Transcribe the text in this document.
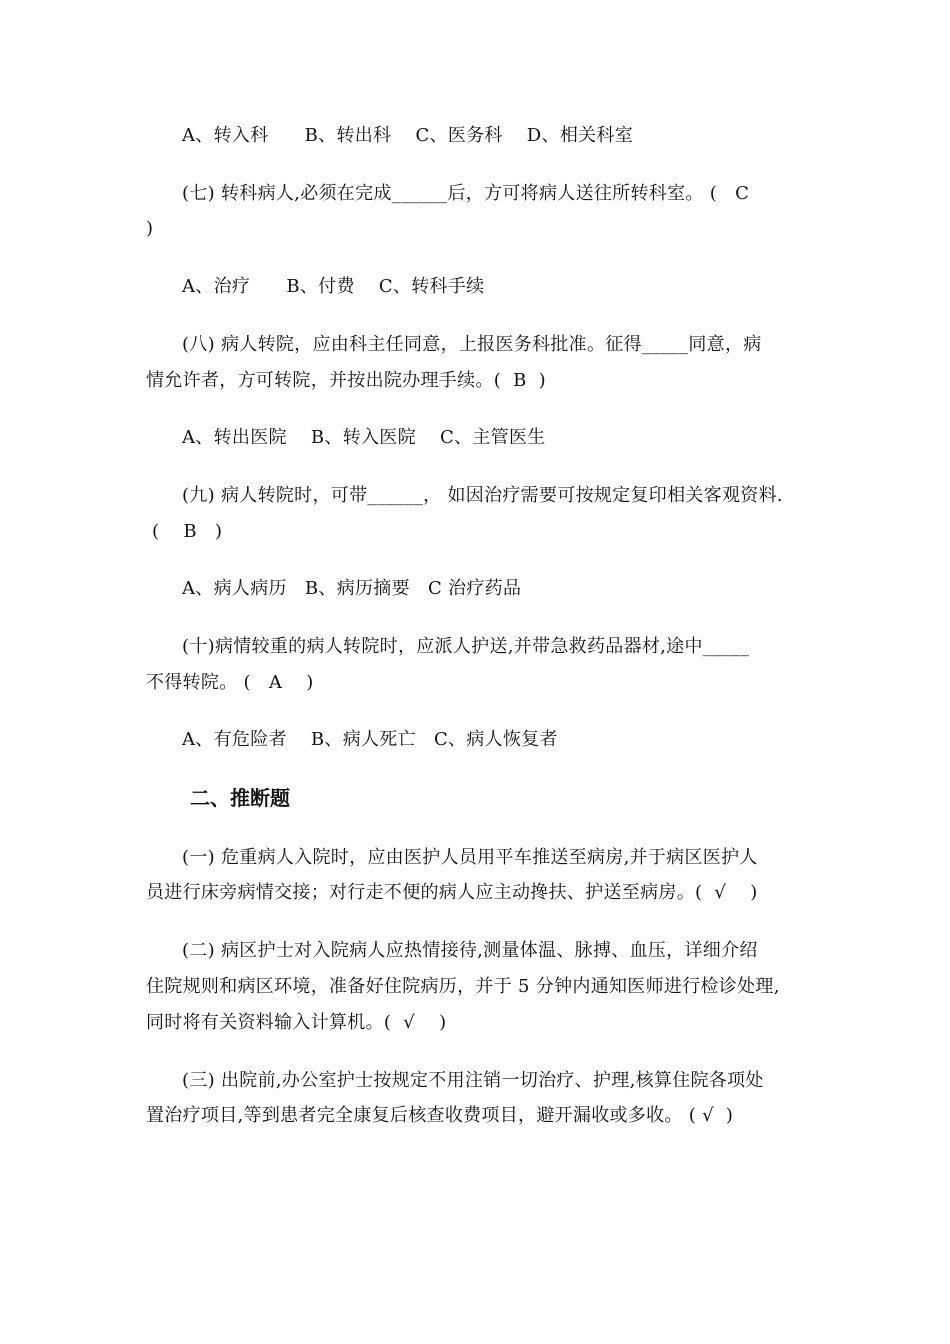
A、转入科      B、转出科    C、医务科    D、相关科室
(七) 转科病人,必须在完成______后，方可将病人送往所转科室。 (   C
)
A、治疗      B、付费    C、转科手续
(八) 病人转院，应由科主任同意，上报医务科批准。征得_____同意，病
情允许者，方可转院，并按出院办理手续。(  B  )
A、转出医院    B、转入医院    C、主管医生
(九) 病人转院时，可带______， 如因治疗需要可按规定复印相关客观资料.
(    B   )
A、病人病历   B、病历摘要   C 治疗药品
(十)病情较重的病人转院时，应派人护送,并带急救药品器材,途中_____
不得转院。 (   A    )
A、有危险者    B、病人死亡   C、病人恢复者
二、推断题
(一) 危重病人入院时，应由医护人员用平车推送至病房,并于病区医护人
员进行床旁病情交接；对行走不便的病人应主动搀扶、护送至病房。(  √    )
(二) 病区护士对入院病人应热情接待,测量体温、脉搏、血压，详细介绍
住院规则和病区环境，准备好住院病历，并于 5 分钟内通知医师进行检诊处理,
同时将有关资料输入计算机。(  √    )
(三) 出院前,办公室护士按规定不用注销一切治疗、护理,核算住院各项处
置治疗项目,等到患者完全康复后核查收费项目，避开漏收或多收。 ( √  )
